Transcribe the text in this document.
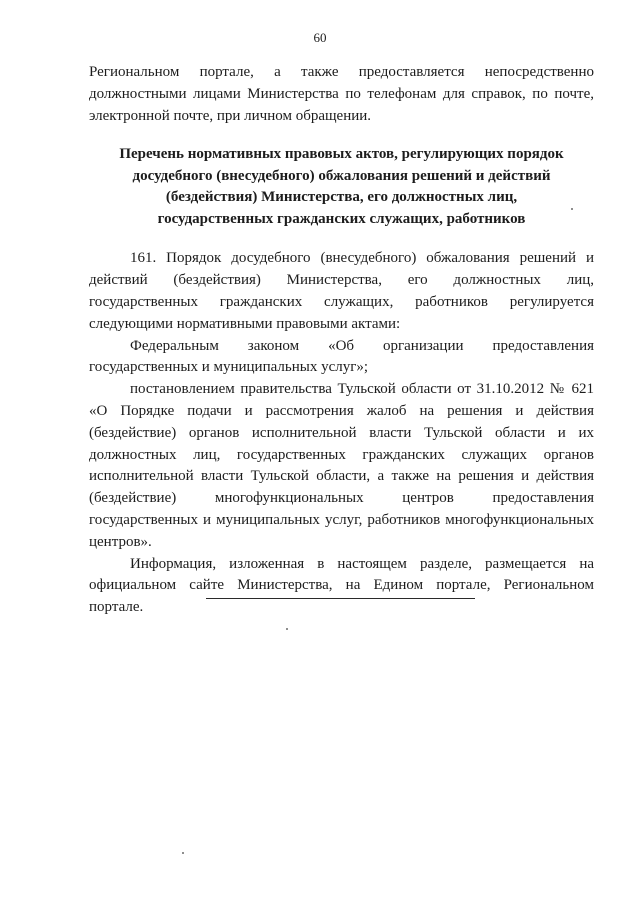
60

Региональном портале, а также предоставляется непосредственно должностными лицами Министерства по телефонам для справок, по почте, электронной почте, при личном обращении.

Перечень нормативных правовых актов, регулирующих порядок
досудебного (внесудебного) обжалования решений и действий
(бездействия) Министерства, его должностных лиц,
государственных гражданских служащих, работников

161. Порядок досудебного (внесудебного) обжалования решений и действий (бездействия) Министерства, его должностных лиц, государственных гражданских служащих, работников регулируется следующими нормативными правовыми актами:

Федеральным законом «Об организации предоставления государственных и муниципальных услуг»;

постановлением правительства Тульской области от 31.10.2012 № 621 «О Порядке подачи и рассмотрения жалоб на решения и действия (бездействие) органов исполнительной власти Тульской области и их должностных лиц, государственных гражданских служащих органов исполнительной власти Тульской области, а также на решения и действия (бездействие) многофункциональных центров предоставления государственных и муниципальных услуг, работников многофункциональных центров».

Информация, изложенная в настоящем разделе, размещается на официальном сайте Министерства, на Едином портале, Региональном портале.
